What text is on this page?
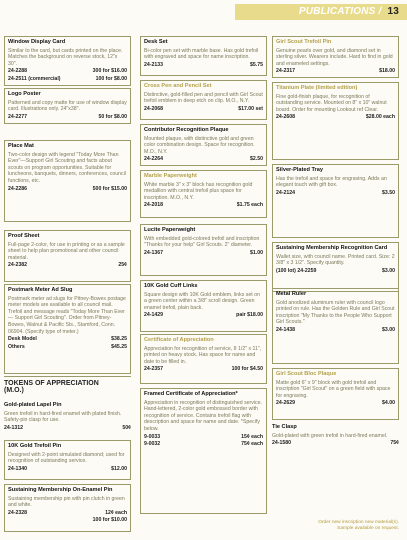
PUBLICATIONS / 13
Window Display Card
Similar to the card, but cards printed on the place. Matches the background on reverse stock, 12"x 30".
24-2288	300 for $16.00
24-2511 (commercial)	100 for $8.00
Logo Poster
Patterned and copy matte for use of window display card. Illustrations only. 24"x38".
24-2277	50 for $8.00
Place Mat
Two-color design with legend "Today More Than Ever"—Support Girl Scouting and facts about scouts on program opportunities. Suitable for luncheons, banquets, dinners, conferences, council functions, etc.
24-2286	500 for $15.00
Proof Sheet
Full-page 2-color, for use in printing or as a sample sheet to help plan promotional and other council material.
24-2382	25¢
Postmark Meter Ad Slug
Postmark meter ad slugs for Pitney-Bowes postage meter models are available to all council mail. Trefoil and message reads "Today More Than Ever — Support Girl Scouting". Order from Pitney-Bowes, Walnut & Pacific Sts., Stamford, Conn. 06904. (Specify type of meter.)
Desk Model	$38.25
Others	$45.25
TOKENS OF APPRECIATION
(M.O.)
Gold-plated Lapel Pin
Green trefoil in hard-fired enamel with plated finish. Safety-pin clasp for use.
24-1312	50¢
10K Gold Trefoil Pin
Designed with 2-point simulated diamond; used for recognition of outstanding service.
24-1340	$12.00
Sustaining Membership On-Enamel Pin
Sustaining membership pin with pin clutch in green and white.
24-2328	12¢ each
100 for $10.00
Desk Set
Bi-color pen set with marble base. Has gold trefoil with engraved and space for name inscription.
24-2133	$5.75
Cross Pen and Pencil Set
Distinctive, gold-filled pen and pencil with Girl Scout trefoil emblem in deep etch on clip. M.O., N.Y.
24-2068	$17.00 set
Contributor Recognition Plaque
Mounted plaque, with distinctive gold and green color combination design. Space for recognition. M.O., N.Y.
24-2264	$2.50
Marble Paperweight
White marble 3" x 3" block has recognition gold medallion with central trefoil plus space for inscription. M.O., N.Y.
24-2018	$1.75 each
Lucite Paperweight
With embedded gold-colored trefoil and inscription "Thanks for your help" Girl Scouts. 2" diameter.
24-1367	$1.00
10K Gold Cuff Links
Square design with 10K Gold emblem, links set on a green center within a 3/8" scroll design. Green enamel trefoil, plain back.
24-1429	pair $18.00
Certificate of Appreciation
Appreciation for recognition of service, 8 1/2" x 11", printed on heavy stock. Has space for name and date to be filled in.
24-2357	100 for $4.50
Framed Certificate of Appreciation*
Appreciation in recognition of distinguished service. Hand-lettered, 2-color gold embossed border with recognition of service. Contains trefoil flag with description and space for name and date. *Specify below.
9-0033	15¢ each
9-0032	75¢ each
Girl Scout Trefoil Pin
Genuine pearls over gold, and diamond set in sterling silver. Wearers include. Hard to find in gold and enameled settings.
24-2317	$18.00
Titanium Plate (limited edition)
Fine gold-finish plaque, for recognition of outstanding service. Mounted on 8" x 10" walnut board. Order for mounting Lookout ref Clear.
24-2608	$28.00 each
Silver-Plated Tray
Has the trefoil and space for engraving. Adds an elegant touch with gift box.
24-2124	$3.50
Sustaining Membership Recognition Card
Wallet size, with council name. Printed card. Size: 2 3/8" x 3 1/2". Specify quantity.
(100 lot) 24-2259	$3.00
Metal Ruler
Gold anodized aluminum ruler with council logo printed on rule. Has the Golden Rule and Girl Scout inscription "My Thanks to the People Who Support Girl Scouts."
24-1438	$3.00
Girl Scout Bloc Plaque
Matte gold 6" x 9" block with gold trefoil and inscription "Girl Scout" on a green field with space for engraving.
24-2629	$4.00
Tie Clasp
Gold-plated with green trefoil in hard-fired enamel.
24-1580	75¢
Order new inscription new material(s).
Sample available on request.
